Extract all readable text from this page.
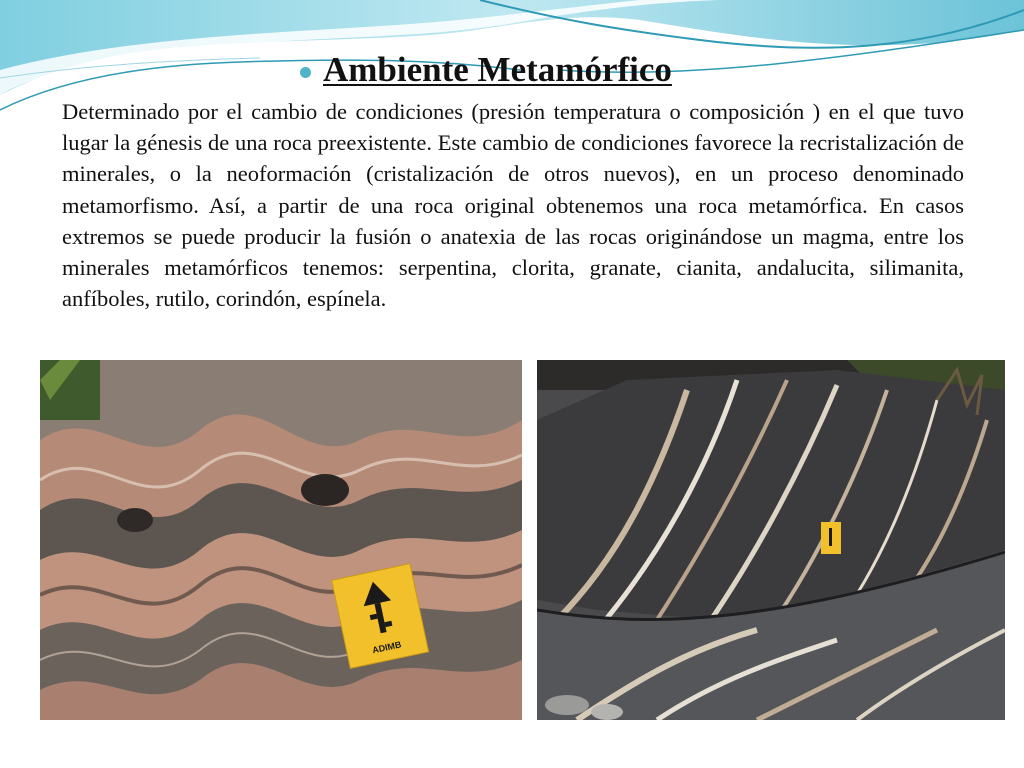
Ambiente Metamórfico

Determinado por el cambio de condiciones (presión temperatura o composición ) en el que tuvo lugar la génesis de una roca preexistente. Este cambio de condiciones favorece la recristalización de minerales, o la neoformación (cristalización de otros nuevos), en un proceso denominado metamorfismo. Así, a partir de una roca original obtenemos una roca metamórfica. En casos extremos se puede producir la fusión o anatexia de las rocas originándose un magma, entre los minerales metamórficos tenemos: serpentina, clorita, granate, cianita, andalucita, silimanita, anfíboles, rutilo, corindón, espínela.

ADIMB
